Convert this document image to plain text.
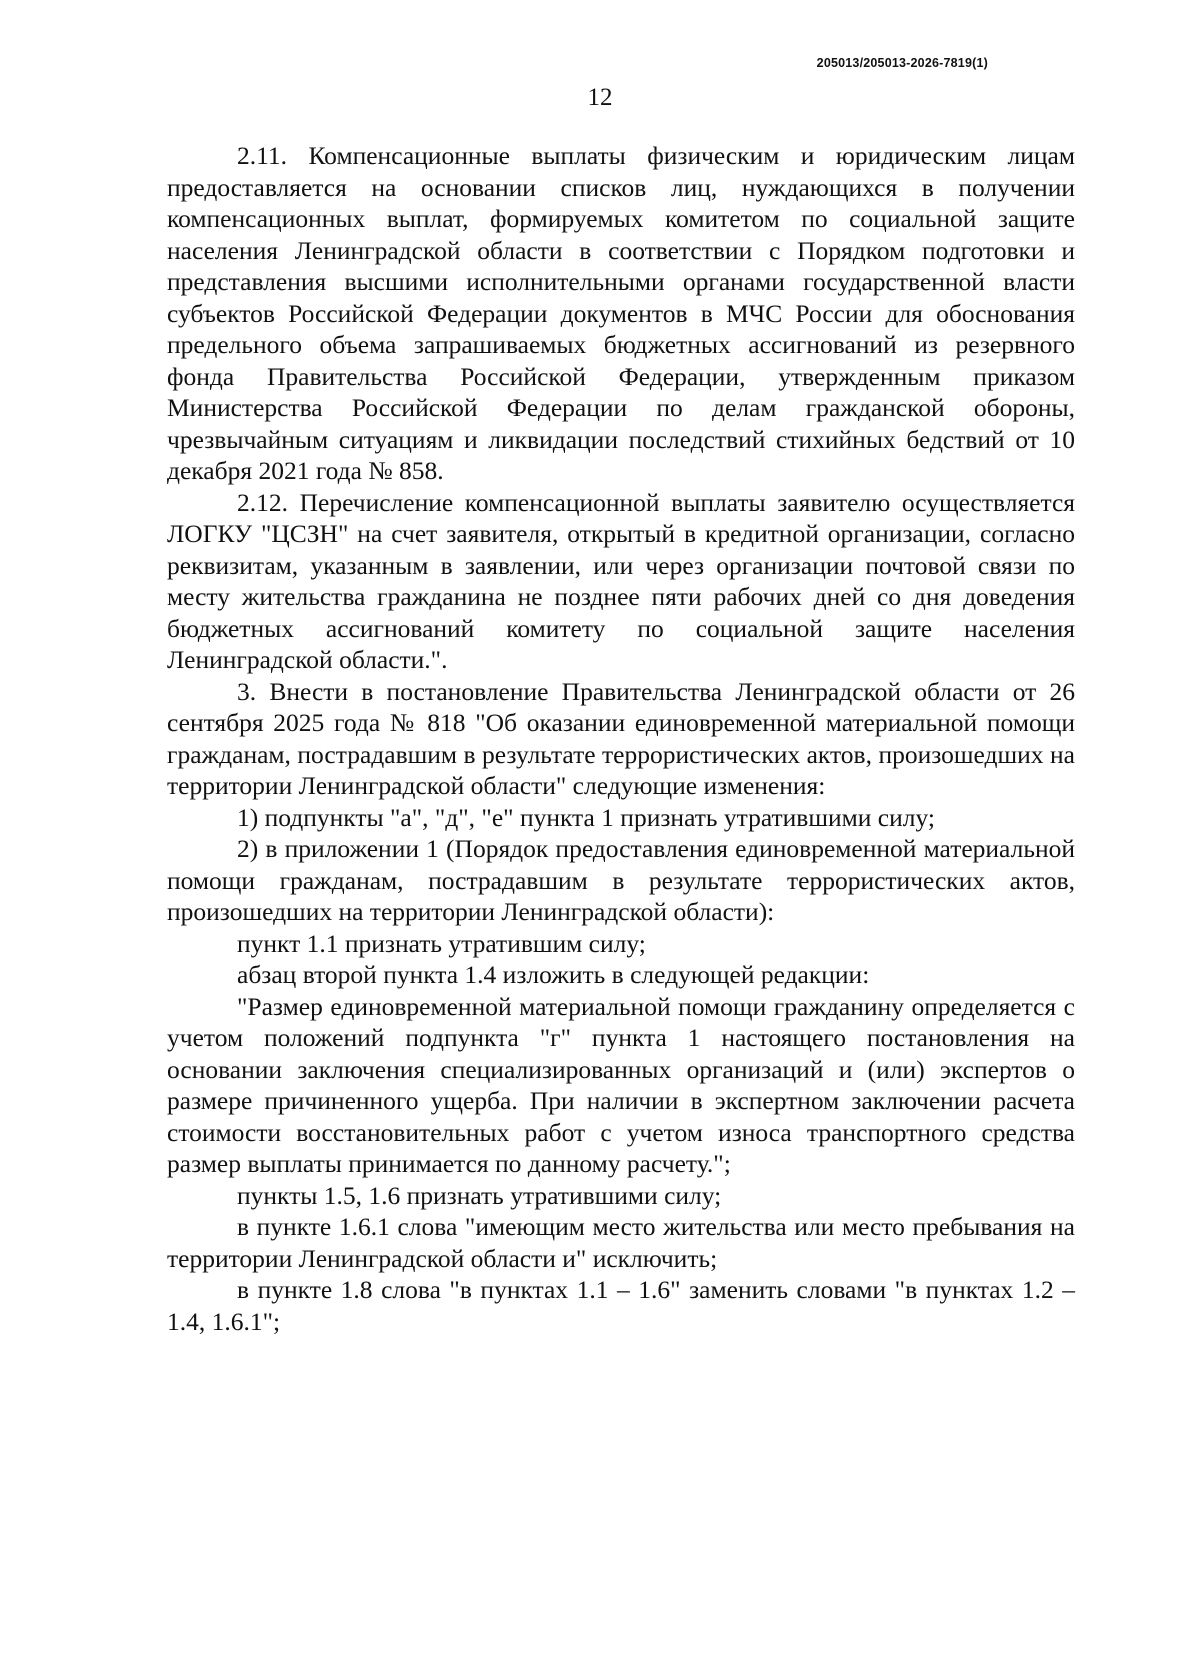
205013/205013-2026-7819(1)
12

2.11. Компенсационные выплаты физическим и юридическим лицам предоставляется на основании списков лиц, нуждающихся в получении компенсационных выплат, формируемых комитетом по социальной защите населения Ленинградской области в соответствии с Порядком подготовки и представления высшими исполнительными органами государственной власти субъектов Российской Федерации документов в МЧС России для обоснования предельного объема запрашиваемых бюджетных ассигнований из резервного фонда Правительства Российской Федерации, утвержденным приказом Министерства Российской Федерации по делам гражданской обороны, чрезвычайным ситуациям и ликвидации последствий стихийных бедствий от 10 декабря 2021 года № 858.

2.12. Перечисление компенсационной выплаты заявителю осуществляется ЛОГКУ "ЦСЗН" на счет заявителя, открытый в кредитной организации, согласно реквизитам, указанным в заявлении, или через организации почтовой связи по месту жительства гражданина не позднее пяти рабочих дней со дня доведения бюджетных ассигнований комитету по социальной защите населения Ленинградской области.".

3. Внести в постановление Правительства Ленинградской области от 26 сентября 2025 года № 818 "Об оказании единовременной материальной помощи гражданам, пострадавшим в результате террористических актов, произошедших на территории Ленинградской области" следующие изменения:

1) подпункты "а", "д", "е" пункта 1 признать утратившими силу;

2) в приложении 1 (Порядок предоставления единовременной материальной помощи гражданам, пострадавшим в результате террористических актов, произошедших на территории Ленинградской области):

пункт 1.1 признать утратившим силу;

абзац второй пункта 1.4 изложить в следующей редакции:

"Размер единовременной материальной помощи гражданину определяется с учетом положений подпункта "г" пункта 1 настоящего постановления на основании заключения специализированных организаций и (или) экспертов о размере причиненного ущерба. При наличии в экспертном заключении расчета стоимости восстановительных работ с учетом износа транспортного средства размер выплаты принимается по данному расчету.";

пункты 1.5, 1.6 признать утратившими силу;

в пункте 1.6.1 слова "имеющим место жительства или место пребывания на территории Ленинградской области и" исключить;

в пункте 1.8 слова "в пунктах 1.1 – 1.6" заменить словами "в пунктах 1.2 – 1.4, 1.6.1";
